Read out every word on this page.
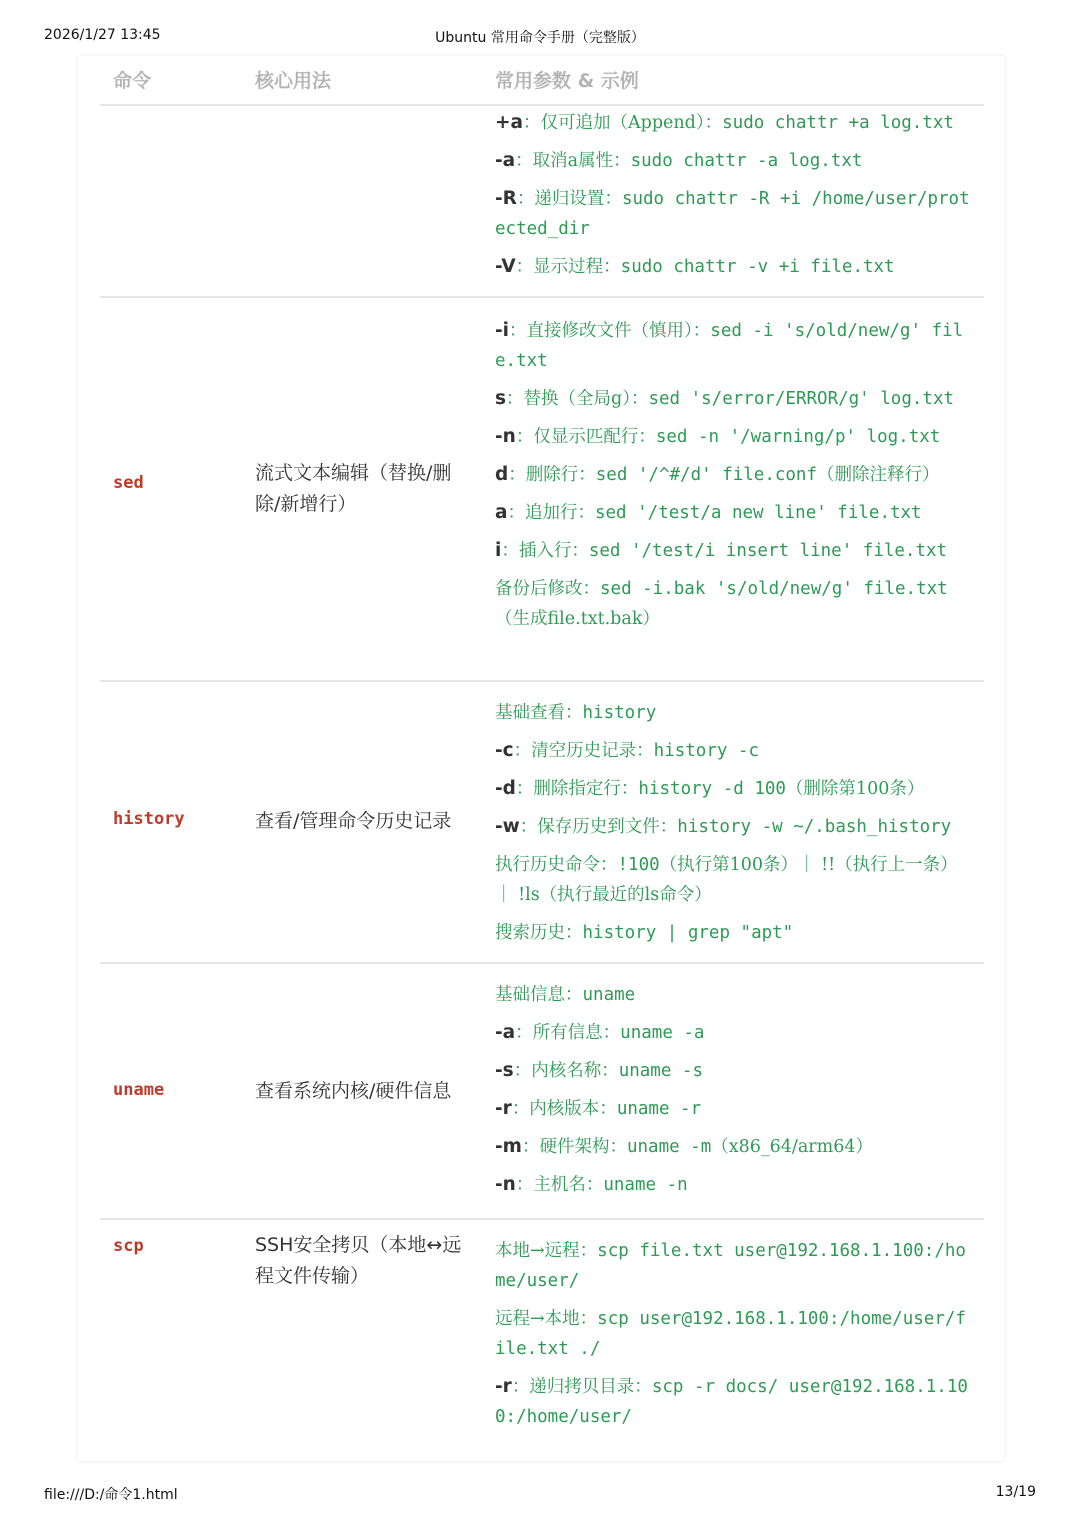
2026/1/27 13:45	Ubuntu 常用命令手册（完整版）
命令	核心用法	常用参数 & 示例

+a：仅可追加（Append）：sudo chattr +a log.txt

-a：取消a属性：sudo chattr -a log.txt

-R：递归设置：sudo chattr -R +i /home/user/protected_dir

-V：显示过程：sudo chattr -v +i file.txt

sed	流式文本编辑（替换/删除/新增行）

-i：直接修改文件（慎用）：sed -i 's/old/new/g' file.txt

s：替换（全局g）：sed 's/error/ERROR/g' log.txt

-n：仅显示匹配行：sed -n '/warning/p' log.txt

d：删除行：sed '/^#/d' file.conf（删除注释行）

a：追加行：sed '/test/a new line' file.txt

i：插入行：sed '/test/i insert line' file.txt

备份后修改：sed -i.bak 's/old/new/g' file.txt（生成file.txt.bak）

history	查看/管理命令历史记录

基础查看：history

-c：清空历史记录：history -c

-d：删除指定行：history -d 100（删除第100条）

-w：保存历史到文件：history -w ~/.bash_history

执行历史命令：!100（执行第100条）｜ !!（执行上一条）｜ !ls（执行最近的ls命令）

搜索历史：history | grep "apt"

uname	查看系统内核/硬件信息

基础信息：uname

-a：所有信息：uname -a

-s：内核名称：uname -s

-r：内核版本：uname -r

-m：硬件架构：uname -m（x86_64/arm64）

-n：主机名：uname -n

scp	SSH安全拷贝（本地↔远程文件传输）

本地→远程：scp file.txt user@192.168.1.100:/home/user/

远程→本地：scp user@192.168.1.100:/home/user/file.txt ./

-r：递归拷贝目录：scp -r docs/ user@192.168.1.100:/home/user/

file:///D:/命令1.html	13/19
